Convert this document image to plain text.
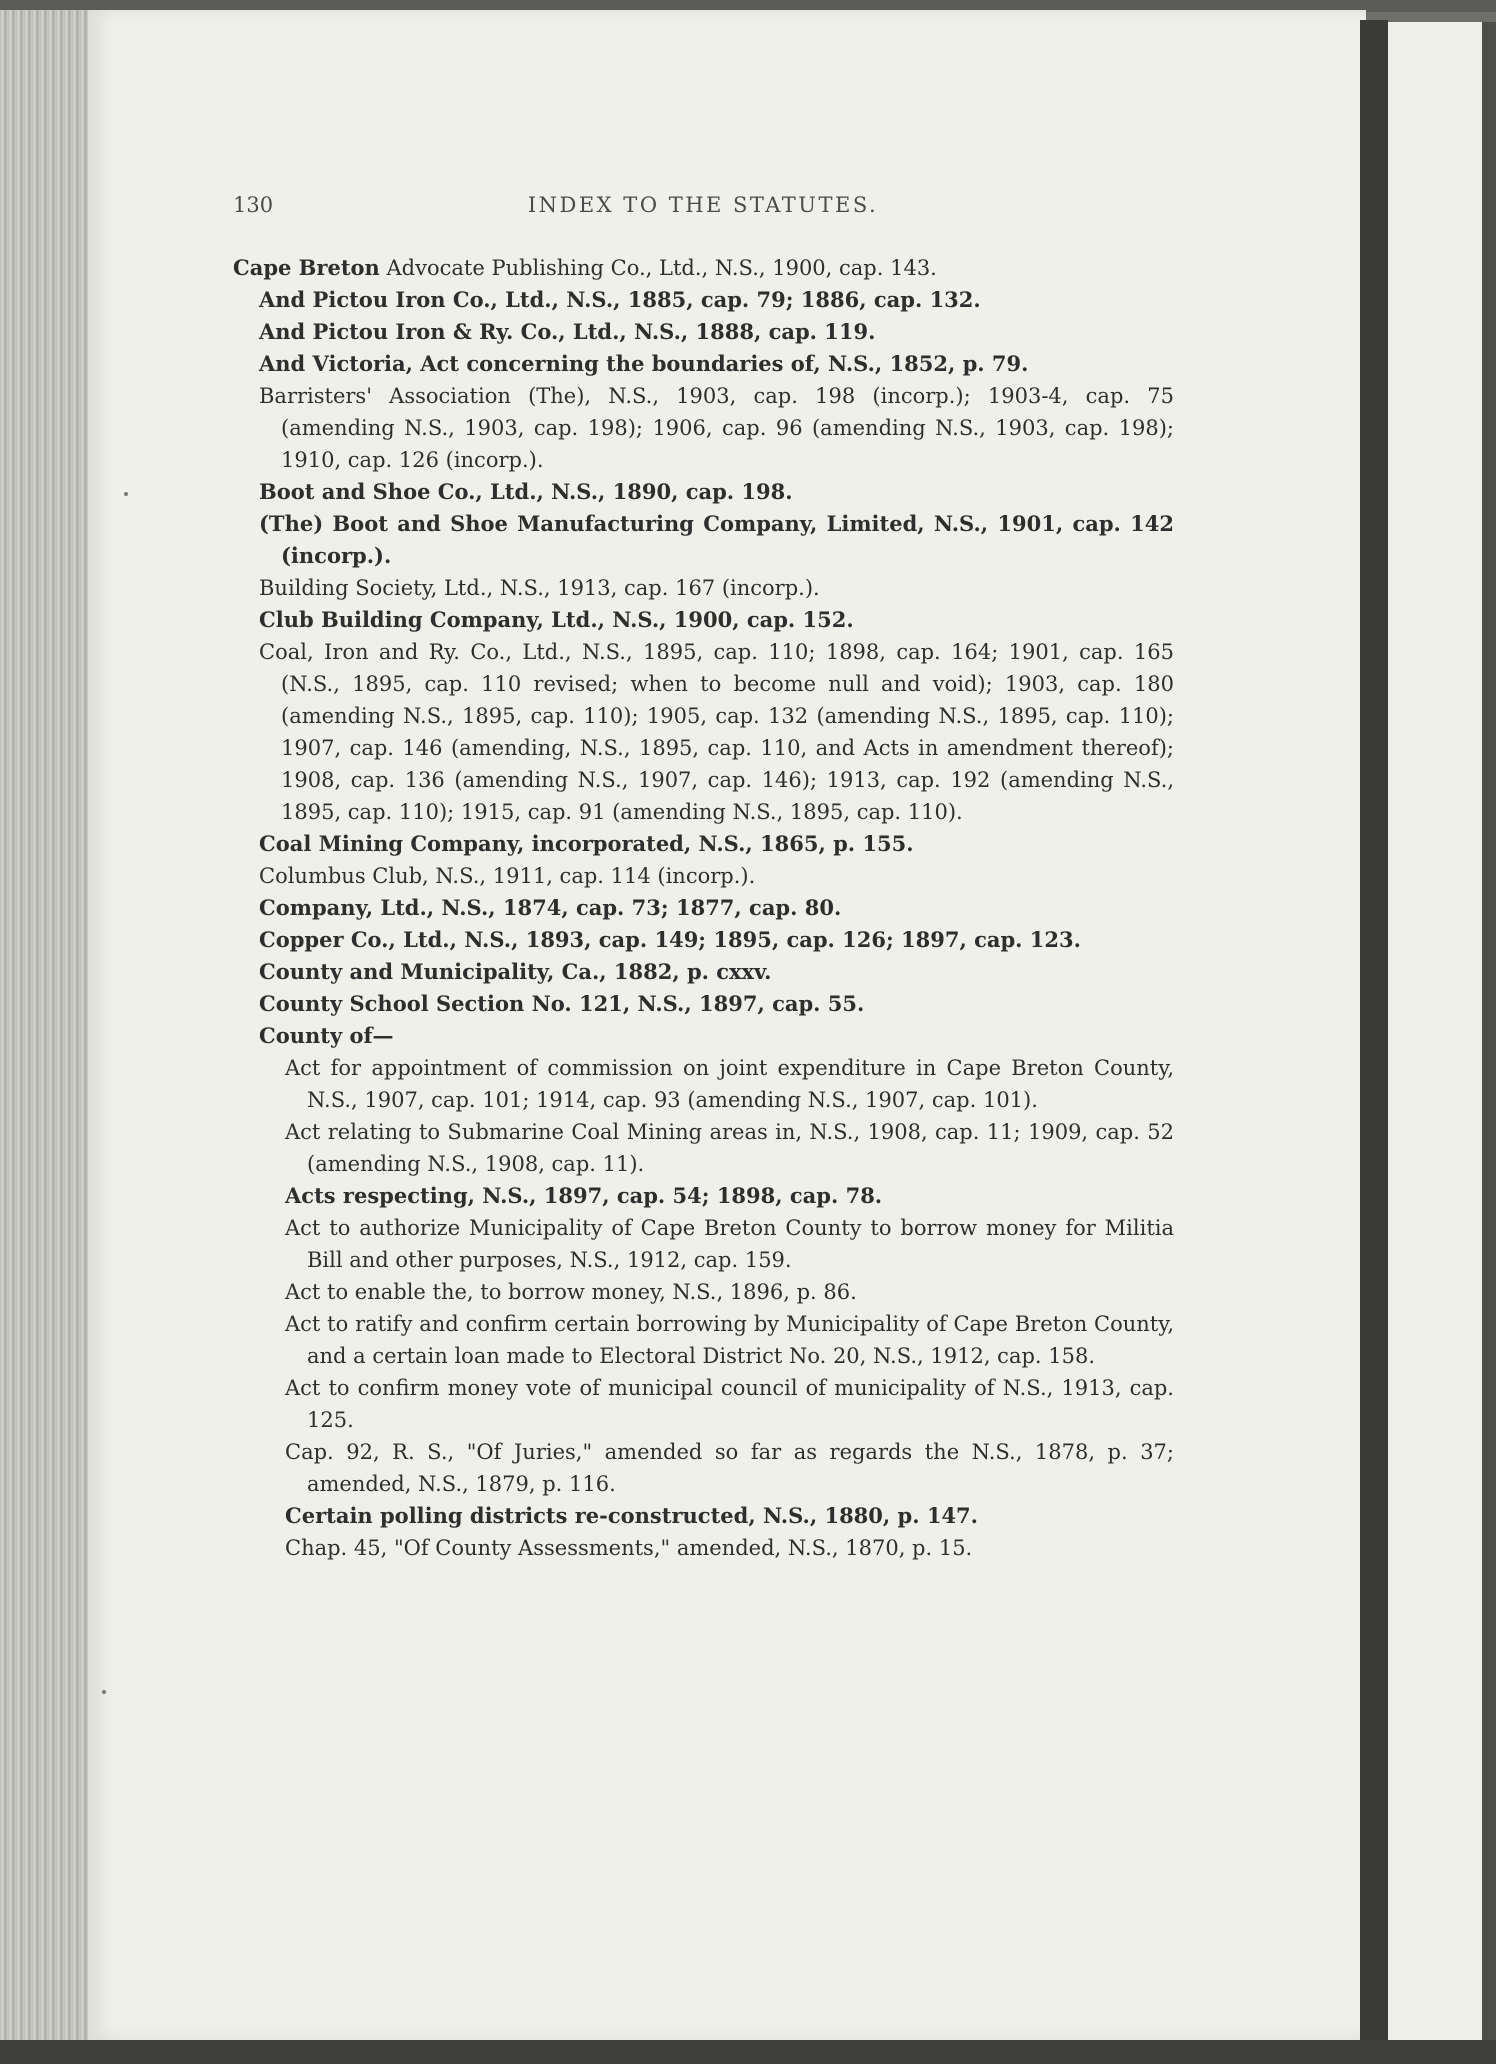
130	INDEX TO THE STATUTES.
Cape Breton Advocate Publishing Co., Ltd., N.S., 1900, cap. 143.
And Pictou Iron Co., Ltd., N.S., 1885, cap. 79; 1886, cap. 132.
And Pictou Iron & Ry. Co., Ltd., N.S., 1888, cap. 119.
And Victoria, Act concerning the boundaries of, N.S., 1852, p. 79.
Barristers' Association (The), N.S., 1903, cap. 198 (incorp.); 1903-4, cap. 75 (amending N.S., 1903, cap. 198); 1906, cap. 96 (amending N.S., 1903, cap. 198); 1910, cap. 126 (incorp.).
Boot and Shoe Co., Ltd., N.S., 1890, cap. 198.
(The) Boot and Shoe Manufacturing Company, Limited, N.S., 1901, cap. 142 (incorp.).
Building Society, Ltd., N.S., 1913, cap. 167 (incorp.).
Club Building Company, Ltd., N.S., 1900, cap. 152.
Coal, Iron and Ry. Co., Ltd., N.S., 1895, cap. 110; 1898, cap. 164; 1901, cap. 165 (N.S., 1895, cap. 110 revised; when to become null and void); 1903, cap. 180 (amending N.S., 1895, cap. 110); 1905, cap. 132 (amending N.S., 1895, cap. 110); 1907, cap. 146 (amending, N.S., 1895, cap. 110, and Acts in amendment thereof); 1908, cap. 136 (amending N.S., 1907, cap. 146); 1913, cap. 192 (amending N.S., 1895, cap. 110); 1915, cap. 91 (amending N.S., 1895, cap. 110).
Coal Mining Company, incorporated, N.S., 1865, p. 155.
Columbus Club, N.S., 1911, cap. 114 (incorp.).
Company, Ltd., N.S., 1874, cap. 73; 1877, cap. 80.
Copper Co., Ltd., N.S., 1893, cap. 149; 1895, cap. 126; 1897, cap. 123.
County and Municipality, Ca., 1882, p. cxxv.
County School Section No. 121, N.S., 1897, cap. 55.
County of—
Act for appointment of commission on joint expenditure in Cape Breton County, N.S., 1907, cap. 101; 1914, cap. 93 (amending N.S., 1907, cap. 101).
Act relating to Submarine Coal Mining areas in, N.S., 1908, cap. 11; 1909, cap. 52 (amending N.S., 1908, cap. 11).
Acts respecting, N.S., 1897, cap. 54; 1898, cap. 78.
Act to authorize Municipality of Cape Breton County to borrow money for Militia Bill and other purposes, N.S., 1912, cap. 159.
Act to enable the, to borrow money, N.S., 1896, p. 86.
Act to ratify and confirm certain borrowing by Municipality of Cape Breton County, and a certain loan made to Electoral District No. 20, N.S., 1912, cap. 158.
Act to confirm money vote of municipal council of municipality of N.S., 1913, cap. 125.
Cap. 92, R. S., "Of Juries," amended so far as regards the N.S., 1878, p. 37; amended, N.S., 1879, p. 116.
Certain polling districts re-constructed, N.S., 1880, p. 147.
Chap. 45, "Of County Assessments," amended, N.S., 1870, p. 15.
